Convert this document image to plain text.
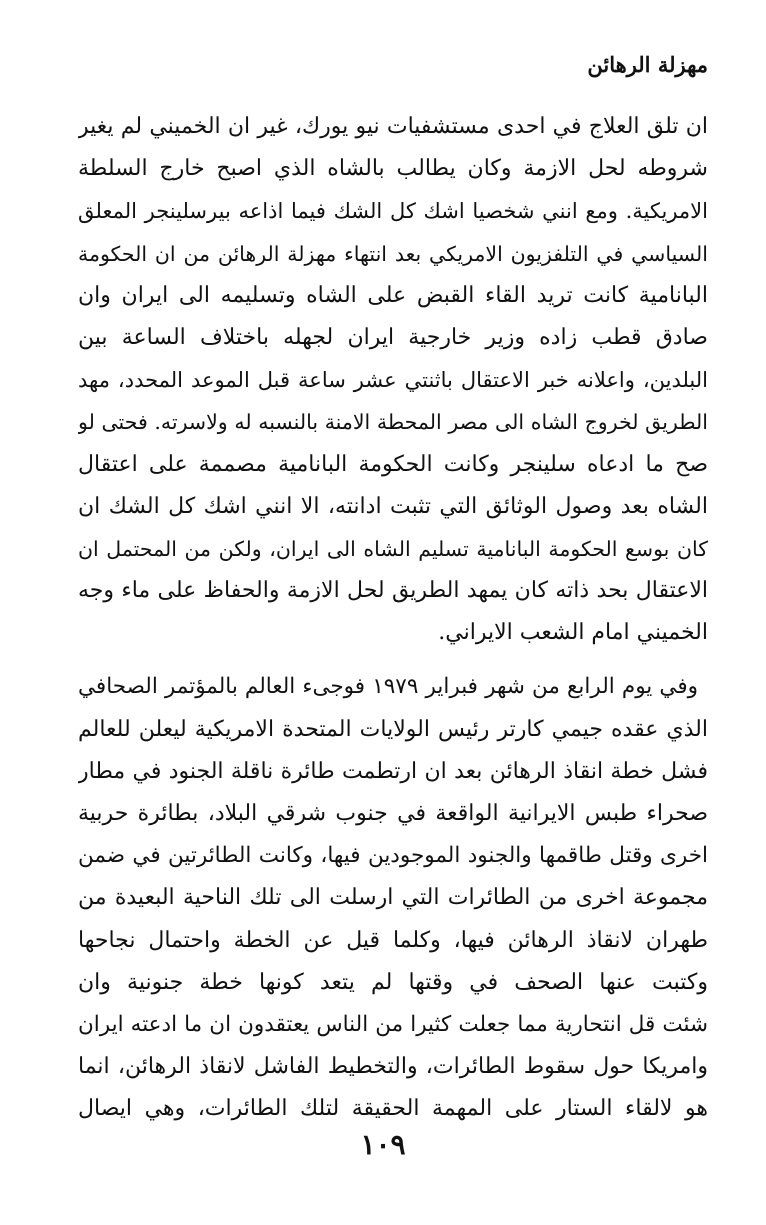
مهزلة الرهائن
ان تلق العلاج في احدى مستشفيات نيو يورك، غير ان الخميني لم يغير
شروطه لحل الازمة وكان يطالب بالشاه الذي اصبح خارج السلطة
الامريكية. ومع انني شخصيا اشك كل الشك فيما اذاعه بيرسلينجر المعلق
السياسي في التلفزيون الامريكي بعد انتهاء مهزلة الرهائن من ان الحكومة
البانامية كانت تريد القاء القبض على الشاه وتسليمه الى ايران وان
صادق قطب زاده وزير خارجية ايران لجهله باختلاف الساعة بين
البلدين، واعلانه خبر الاعتقال باثنتي عشر ساعة قبل الموعد المحدد، مهد
الطريق لخروج الشاه الى مصر المحطة الامنة بالنسبه له ولاسرته. فحتى لو
صح ما ادعاه سلينجر وكانت الحكومة البانامية مصممة على اعتقال
الشاه بعد وصول الوثائق التي تثبت ادانته، الا انني اشك كل الشك ان
كان بوسع الحكومة البانامية تسليم الشاه الى ايران، ولكن من المحتمل ان
الاعتقال بحد ذاته كان يمهد الطريق لحل الازمة والحفاظ على ماء وجه
الخميني امام الشعب الايراني.
وفي يوم الرابع من شهر فبراير ١٩٧٩ فوجىء العالم بالمؤتمر الصحافي
الذي عقده جيمي كارتر رئيس الولايات المتحدة الامريكية ليعلن للعالم
فشل خطة انقاذ الرهائن بعد ان ارتطمت طائرة ناقلة الجنود في مطار
صحراء طبس الايرانية الواقعة في جنوب شرقي البلاد، بطائرة حربية
اخرى وقتل طاقمها والجنود الموجودين فيها، وكانت الطائرتين في ضمن
مجموعة اخرى من الطائرات التي ارسلت الى تلك الناحية البعيدة من
طهران لانقاذ الرهائن فيها، وكلما قيل عن الخطة واحتمال نجاحها
وكتبت عنها الصحف في وقتها لم يتعد كونها خطة جنونية وان
شئت قل انتحارية مما جعلت كثيرا من الناس يعتقدون ان ما ادعته ايران
وامريكا حول سقوط الطائرات، والتخطيط الفاشل لانقاذ الرهائن، انما
هو لالقاء الستار على المهمة الحقيقة لتلك الطائرات، وهي ايصال
١٠٩
